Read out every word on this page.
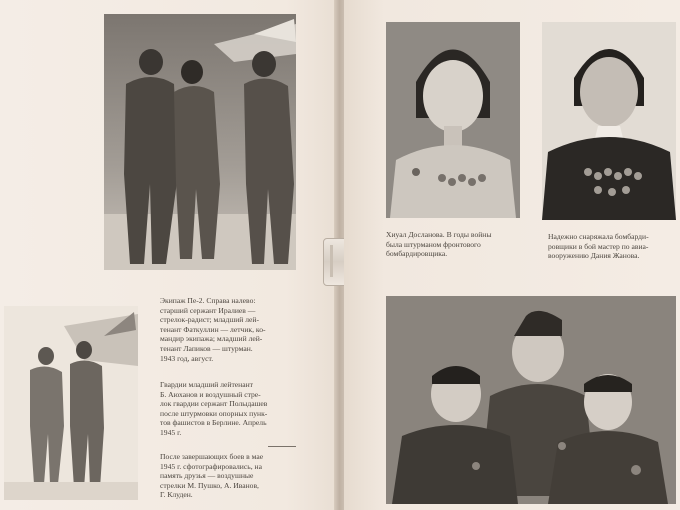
Экипаж Пе-2. Справа налево:
старший сержант Иралиев —
стрелок-радист; младший лей-
тенант Фаткуллин — летчик, ко-
мандир экипажа; младший лей-
тенант Лапиков — штурман.
1943 год, август.

Гвардии младший лейтенант
Б. Аюханов и воздушный стре-
лок гвардии сержант Полыдашев
после штурмовки опорных пунк-
тов фашистов в Берлине. Апрель
1945 г.

После завершающих боев в мае
1945 г. сфотографировались, на
память друзья — воздушные
стрелки М. Пушко, А. Иванов,
Г. Клуден.

Хиуал Досланова. В годы войны
была штурманом фронтового
бомбардировщика.

Надежно снаряжала бомбарди-
ровщики в бой мастер по авиа-
вооружению Дания Жанова.
